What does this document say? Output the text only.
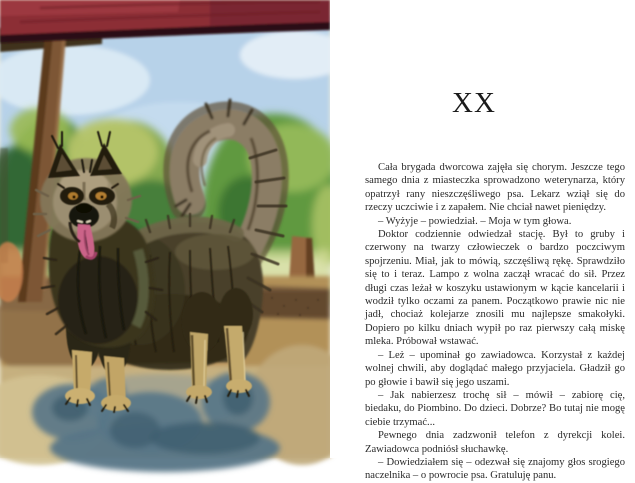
XX

Cała brygada dworcowa zajęła się chorym. Jeszcze tego samego dnia z miasteczka sprowadzono weterynarza, który opatrzył rany nieszczęśliwego psa. Lekarz wziął się do rzeczy uczciwie i z zapałem. Nie chciał nawet pieniędzy.

– Wyżyje – powiedział. – Moja w tym głowa.

Doktor codziennie odwiedzał stację. Był to gruby i czerwony na twarzy człowieczek o bardzo poczciwym spojrzeniu. Miał, jak to mówią, szczęśliwą rękę. Sprawdziło się to i teraz. Lampo z wolna zaczął wracać do sił. Przez długi czas leżał w koszyku ustawionym w kącie kancelarii i wodził tylko oczami za panem. Początkowo prawie nic nie jadł, chociaż kolejarze znosili mu najlepsze smakołyki. Dopiero po kilku dniach wypił po raz pierwszy całą miskę mleka. Próbował wstawać.

– Leż – upominał go zawiadowca. Korzystał z każdej wolnej chwili, aby doglądać małego przyjaciela. Gładził go po głowie i bawił się jego uszami.

– Jak nabierzesz trochę sił – mówił – zabiorę cię, biedaku, do Piombino. Do dzieci. Dobrze? Bo tutaj nie mogę ciebie trzymać...

Pewnego dnia zadzwonił telefon z dyrekcji kolei. Zawiadowca podniósł słuchawkę.

– Dowiedziałem się – odezwał się znajomy głos srogiego naczelnika – o powrocie psa. Gratuluję panu.
